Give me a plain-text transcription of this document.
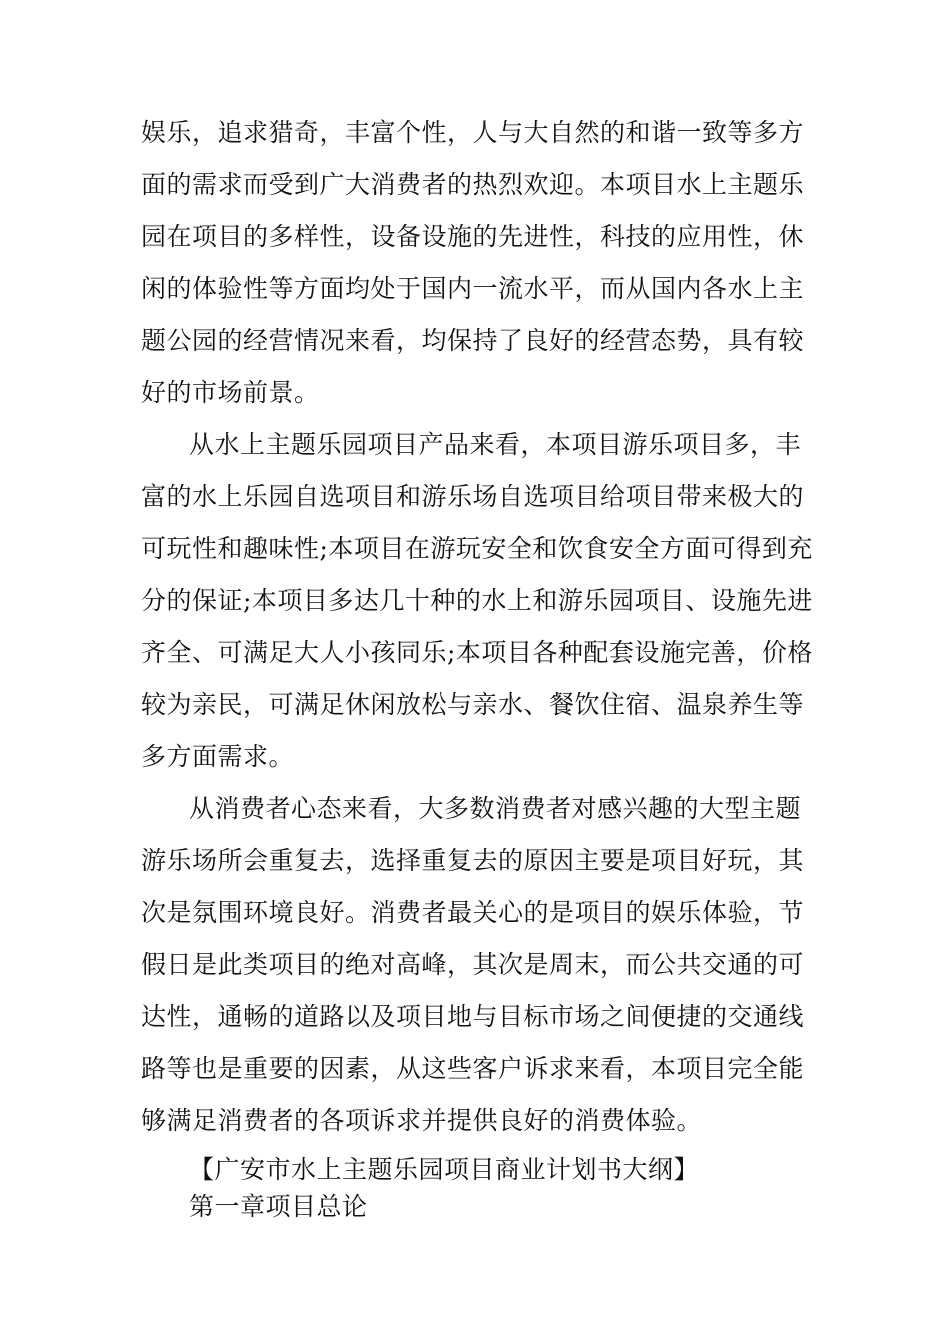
娱乐，追求猎奇，丰富个性，人与大自然的和谐一致等多方
面的需求而受到广大消费者的热烈欢迎。本项目水上主题乐
园在项目的多样性，设备设施的先进性，科技的应用性，休
闲的体验性等方面均处于国内一流水平，而从国内各水上主
题公园的经营情况来看，均保持了良好的经营态势，具有较
好的市场前景。
从水上主题乐园项目产品来看，本项目游乐项目多，丰
富的水上乐园自选项目和游乐场自选项目给项目带来极大的
可玩性和趣味性;本项目在游玩安全和饮食安全方面可得到充
分的保证;本项目多达几十种的水上和游乐园项目、设施先进
齐全、可满足大人小孩同乐;本项目各种配套设施完善，价格
较为亲民，可满足休闲放松与亲水、餐饮住宿、温泉养生等
多方面需求。
从消费者心态来看，大多数消费者对感兴趣的大型主题
游乐场所会重复去，选择重复去的原因主要是项目好玩，其
次是氛围环境良好。消费者最关心的是项目的娱乐体验，节
假日是此类项目的绝对高峰，其次是周末，而公共交通的可
达性，通畅的道路以及项目地与目标市场之间便捷的交通线
路等也是重要的因素，从这些客户诉求来看，本项目完全能
够满足消费者的各项诉求并提供良好的消费体验。
【广安市水上主题乐园项目商业计划书大纲】
第一章项目总论
